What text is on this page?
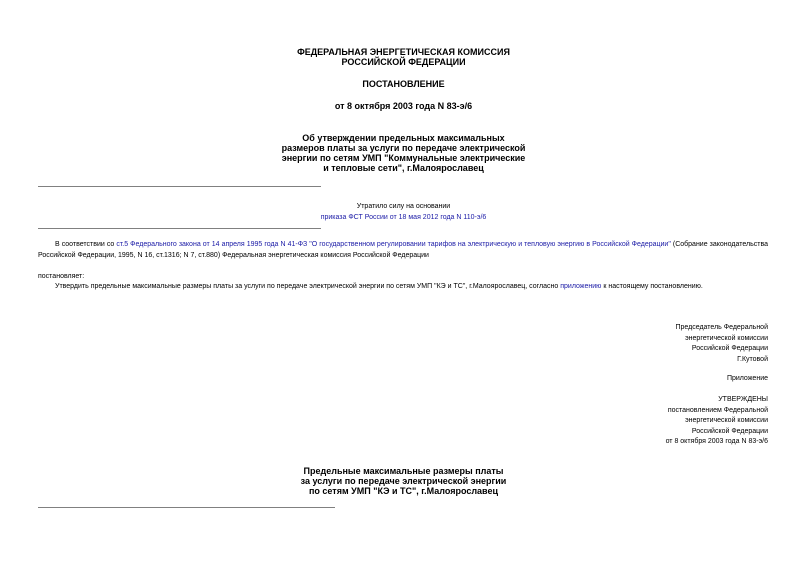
ФЕДЕРАЛЬНАЯ ЭНЕРГЕТИЧЕСКАЯ КОМИССИЯ
РОССИЙСКОЙ ФЕДЕРАЦИИ
ПОСТАНОВЛЕНИЕ
от 8 октября 2003 года N 83-э/6
Об утверждении предельных максимальных
размеров платы за услуги по передаче электрической
энергии по сетям УМП "Коммунальные электрические
и тепловые сети", г.Малоярославец
Утратило силу на основании
приказа ФСТ России от 18 мая 2012 года N 110-э/6
В соответствии со ст.5 Федерального закона от 14 апреля 1995 года N 41-ФЗ "О государственном регулировании тарифов на электрическую и тепловую энергию в Российской Федерации" (Собрание законодательства Российской Федерации, 1995, N 16, ст.1316; N 7, ст.880) Федеральная энергетическая комиссия Российской Федерации
постановляет:
Утвердить предельные максимальные размеры платы за услуги по передаче электрической энергии по сетям УМП "КЭ и ТС", г.Малоярославец, согласно приложению к настоящему постановлению.
Председатель Федеральной
энергетической комиссии
Российской Федерации
Г.Кутовой
Приложение
УТВЕРЖДЕНЫ
постановлением Федеральной
энергетической комиссии
Российской Федерации
от 8 октября 2003 года N 83-э/6
Предельные максимальные размеры платы
за услуги по передаче электрической энергии
по сетям УМП "КЭ и ТС", г.Малоярославец
